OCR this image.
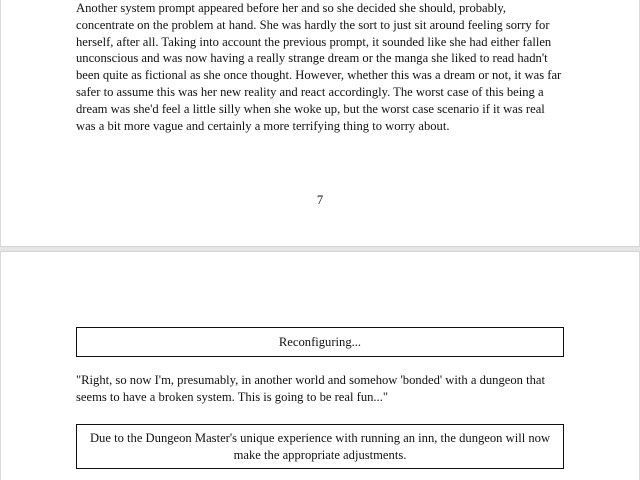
Another system prompt appeared before her and so she decided she should, probably, concentrate on the problem at hand. She was hardly the sort to just sit around feeling sorry for herself, after all. Taking into account the previous prompt, it sounded like she had either fallen unconscious and was now having a really strange dream or the manga she liked to read hadn't been quite as fictional as she once thought. However, whether this was a dream or not, it was far safer to assume this was her new reality and react accordingly. The worst case of this being a dream was she'd feel a little silly when she woke up, but the worst case scenario if it was real was a bit more vague and certainly a more terrifying thing to worry about.

7
Reconfiguring...

"Right, so now I'm, presumably, in another world and somehow 'bonded' with a dungeon that seems to have a broken system. This is going to be real fun..."

Due to the Dungeon Master's unique experience with running an inn, the dungeon will now make the appropriate adjustments.
